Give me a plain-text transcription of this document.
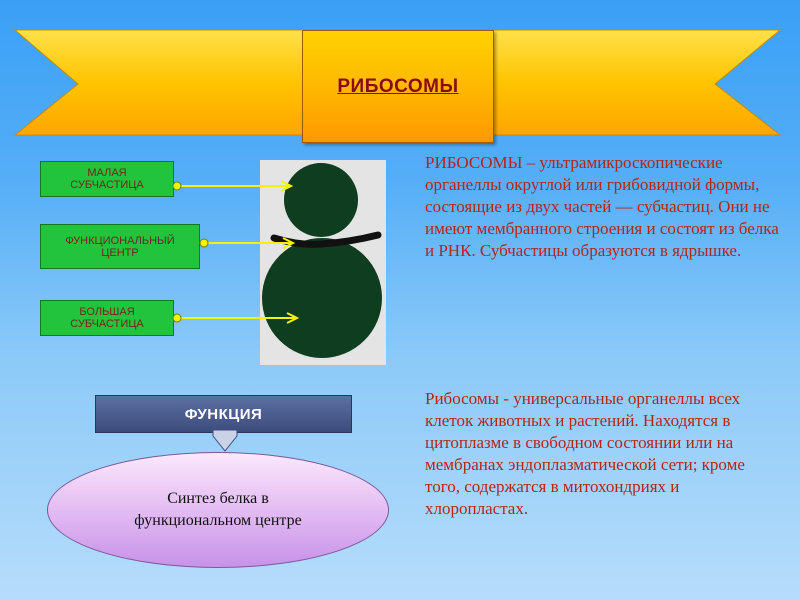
РИБОСОМЫ
МАЛАЯ
СУБЧАСТИЦА
ФУНКЦИОНАЛЬНЫЙ
ЦЕНТР
БОЛЬШАЯ
СУБЧАСТИЦА
РИБОСОМЫ – ультрамикроскопические органеллы округлой или грибовидной формы, состоящие из двух частей — субчастиц. Они не имеют мембранного строения и состоят из белка и РНК. Субчастицы образуются в ядрышке.
Рибосомы - универсальные органеллы всех клеток животных и растений. Находятся в цитоплазме в свободном состоянии или на мембранах эндоплазматической сети; кроме того, содержатся в митохондриях и хлоропластах.
ФУНКЦИЯ
Синтез белка в
функциональном центре
